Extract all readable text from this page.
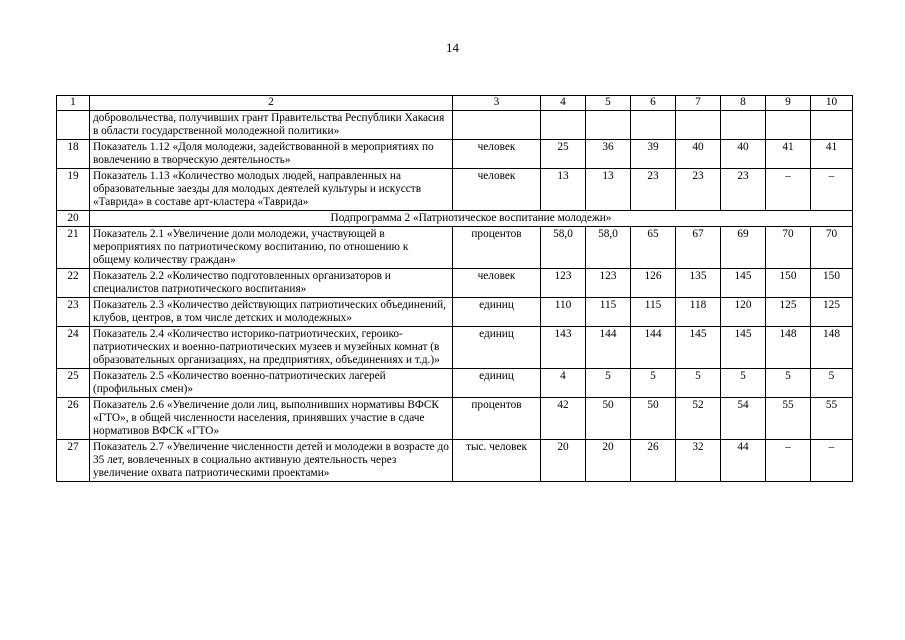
14
1	2	3	4	5	6	7	8	9	10
	добровольчества, получивших грант Правительства Республики Хакасия в области государственной молодежной политики»								
18	Показатель 1.12 «Доля молодежи, задействованной в мероприятиях по вовлечению в творческую деятельность»	человек	25	36	39	40	40	41	41
19	Показатель 1.13 «Количество молодых людей, направленных на образовательные заезды для молодых деятелей культуры и искусств «Таврида» в составе арт-кластера «Таврида»	человек	13	13	23	23	23	–	–
20	Подпрограмма 2 «Патриотическое воспитание молодежи»								
21	Показатель 2.1 «Увеличение доли молодежи, участвующей в мероприятиях по патриотическому воспитанию, по отношению к общему количеству граждан»	процентов	58,0	58,0	65	67	69	70	70
22	Показатель 2.2 «Количество подготовленных организаторов и специалистов патриотического воспитания»	человек	123	123	126	135	145	150	150
23	Показатель 2.3 «Количество действующих патриотических объединений, клубов, центров, в том числе детских и молодежных»	единиц	110	115	115	118	120	125	125
24	Показатель 2.4 «Количество историко-патриотических, героико-патриотических и военно-патриотических музеев и музейных комнат (в образовательных организациях, на предприятиях, объединениях и т.д.)»	единиц	143	144	144	145	145	148	148
25	Показатель 2.5 «Количество военно-патриотических лагерей (профильных смен)»	единиц	4	5	5	5	5	5	5
26	Показатель 2.6 «Увеличение доли лиц, выполнивших нормативы ВФСК «ГТО», в общей численности населения, принявших участие в сдаче нормативов ВФСК «ГТО»	процентов	42	50	50	52	54	55	55
27	Показатель 2.7 «Увеличение численности детей и молодежи в возрасте до 35 лет, вовлеченных в социально активную деятельность через увеличение охвата патриотическими проектами»	тыс. человек	20	20	26	32	44	–	–
